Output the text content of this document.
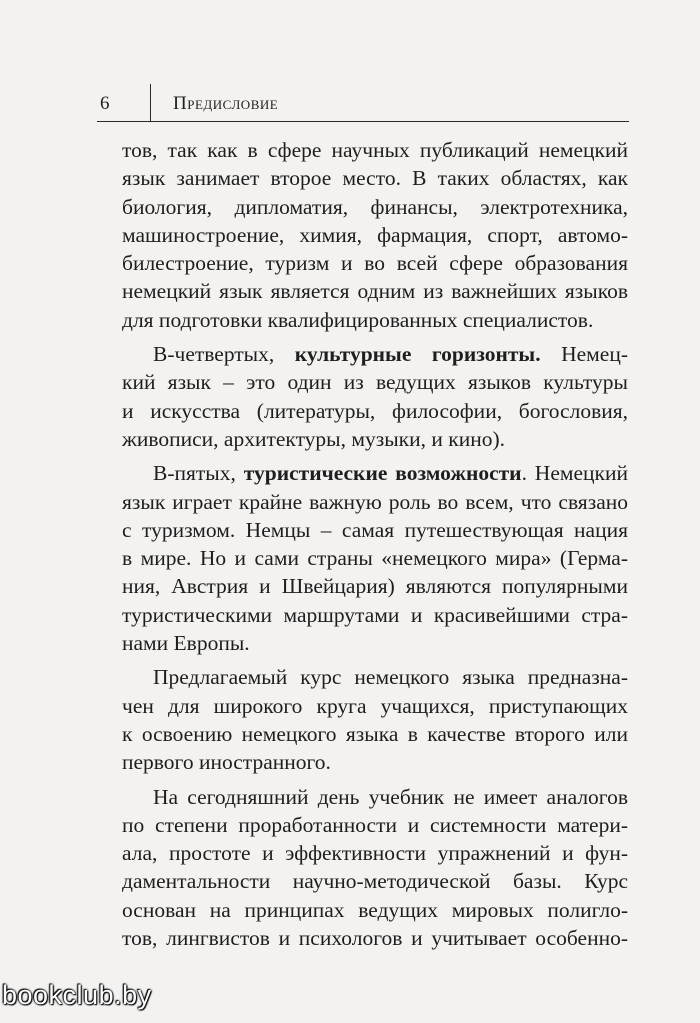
6	Предисловие
тов, так как в сфере научных публикаций немецкий
язык занимает второе место. В таких областях, как
биология, дипломатия, финансы, электротехника,
машиностроение, химия, фармация, спорт, автомо-
билестроение, туризм и во всей сфере образования
немецкий язык является одним из важнейших языков
для подготовки квалифицированных специалистов.
В-четвертых, культурные горизонты. Немец-
кий язык – это один из ведущих языков культуры
и искусства (литературы, философии, богословия,
живописи, архитектуры, музыки, и кино).
В-пятых, туристические возможности. Немецкий
язык играет крайне важную роль во всем, что связано
с туризмом. Немцы – самая путешествующая нация
в мире. Но и сами страны «немецкого мира» (Герма-
ния, Австрия и Швейцария) являются популярными
туристическими маршрутами и красивейшими стра-
нами Европы.
Предлагаемый курс немецкого языка предназна-
чен для широкого круга учащихся, приступающих
к освоению немецкого языка в качестве второго или
первого иностранного.
На сегодняшний день учебник не имеет аналогов
по степени проработанности и системности матери-
ала, простоте и эффективности упражнений и фун-
даментальности научно-методической базы. Курс
основан на принципах ведущих мировых полигло-
тов, лингвистов и психологов и учитывает особенно-
bookclub.by
